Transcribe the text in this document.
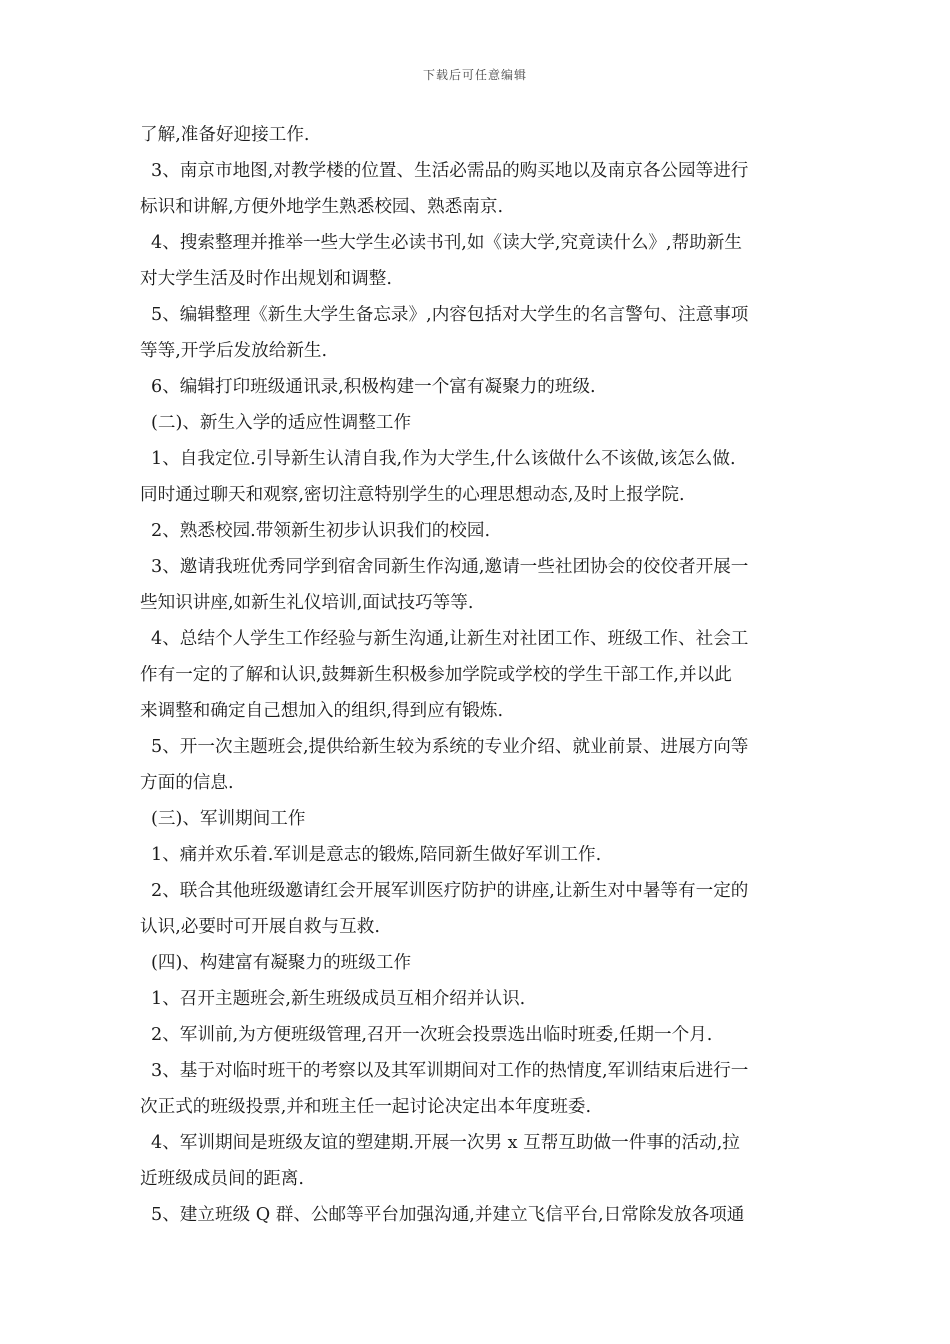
下载后可任意编辑
了解,准备好迎接工作.
3、南京市地图,对教学楼的位置、生活必需品的购买地以及南京各公园等进行
标识和讲解,方便外地学生熟悉校园、熟悉南京.
4、搜索整理并推举一些大学生必读书刊,如《读大学,究竟读什么》,帮助新生
对大学生活及时作出规划和调整.
5、编辑整理《新生大学生备忘录》,内容包括对大学生的名言警句、注意事项
等等,开学后发放给新生.
6、编辑打印班级通讯录,积极构建一个富有凝聚力的班级.
(二)、新生入学的适应性调整工作
1、自我定位.引导新生认清自我,作为大学生,什么该做什么不该做,该怎么做.
同时通过聊天和观察,密切注意特别学生的心理思想动态,及时上报学院.
2、熟悉校园.带领新生初步认识我们的校园.
3、邀请我班优秀同学到宿舍同新生作沟通,邀请一些社团协会的佼佼者开展一
些知识讲座,如新生礼仪培训,面试技巧等等.
4、总结个人学生工作经验与新生沟通,让新生对社团工作、班级工作、社会工
作有一定的了解和认识,鼓舞新生积极参加学院或学校的学生干部工作,并以此
来调整和确定自己想加入的组织,得到应有锻炼.
5、开一次主题班会,提供给新生较为系统的专业介绍、就业前景、进展方向等
方面的信息.
(三)、军训期间工作
1、痛并欢乐着.军训是意志的锻炼,陪同新生做好军训工作.
2、联合其他班级邀请红会开展军训医疗防护的讲座,让新生对中暑等有一定的
认识,必要时可开展自救与互救.
(四)、构建富有凝聚力的班级工作
1、召开主题班会,新生班级成员互相介绍并认识.
2、军训前,为方便班级管理,召开一次班会投票选出临时班委,任期一个月.
3、基于对临时班干的考察以及其军训期间对工作的热情度,军训结束后进行一
次正式的班级投票,并和班主任一起讨论决定出本年度班委.
4、军训期间是班级友谊的塑建期.开展一次男 x 互帮互助做一件事的活动,拉
近班级成员间的距离.
5、建立班级 Q 群、公邮等平台加强沟通,并建立飞信平台,日常除发放各项通
